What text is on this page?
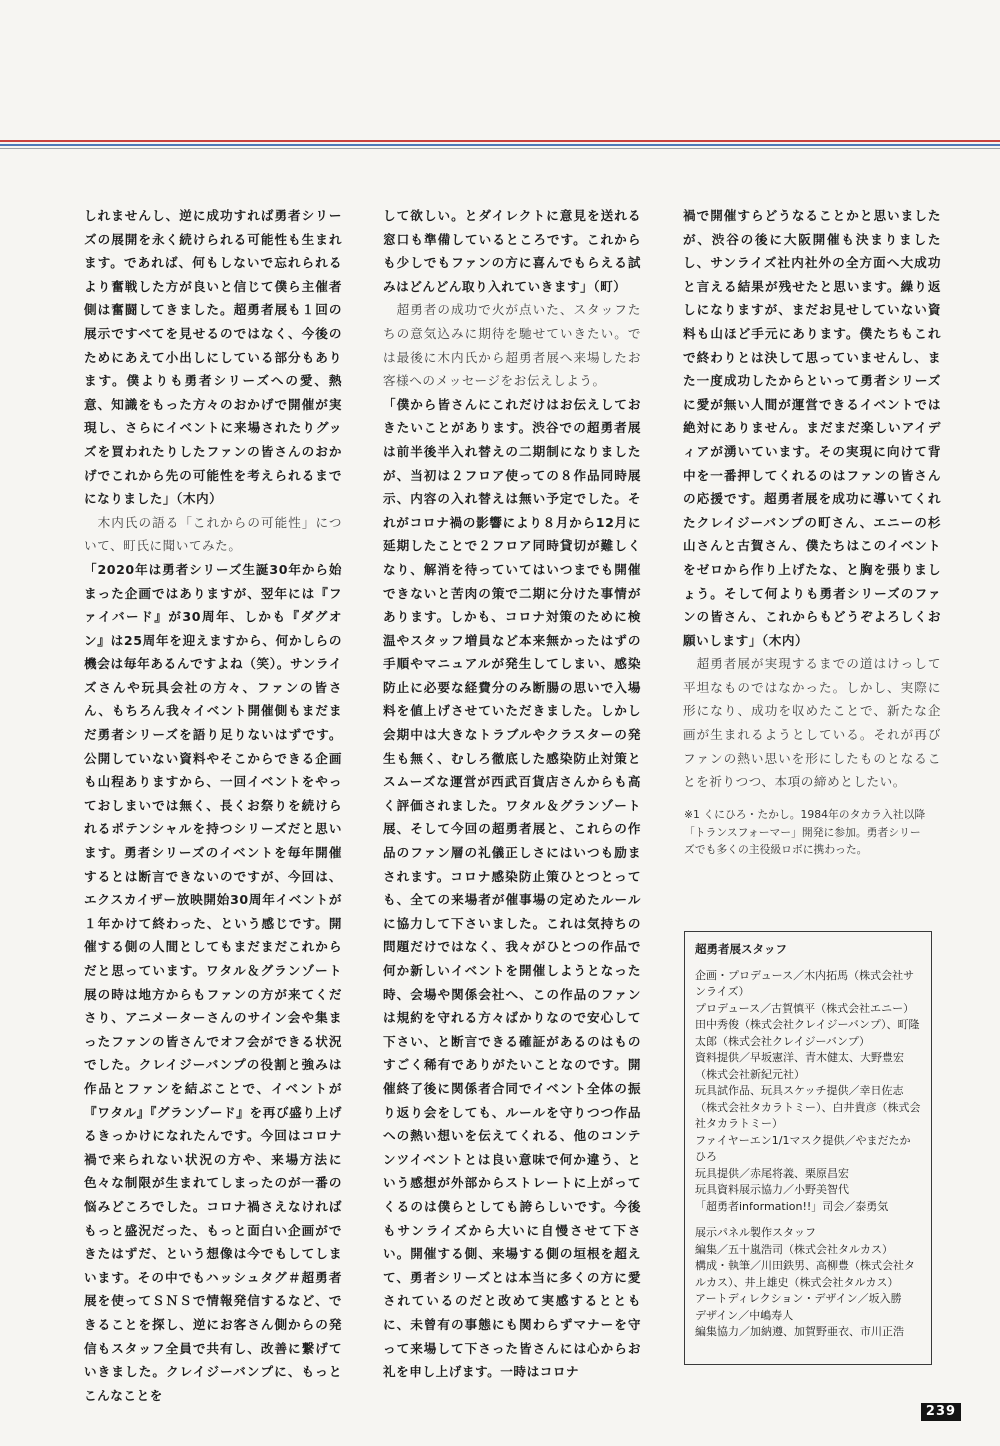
しれませんし、逆に成功すれば勇者シリーズの展開を永く続けられる可能性も生まれます。であれば、何もしないで忘れられるより奮戦した方が良いと信じて僕ら主催者側は奮闘してきました。超勇者展も１回の展示ですべてを見せるのではなく、今後のためにあえて小出しにしている部分もあります。僕よりも勇者シリーズへの愛、熱意、知識をもった方々のおかげで開催が実現し、さらにイベントに来場されたりグッズを買われたりしたファンの皆さんのおかげでこれから先の可能性を考えられるまでになりました」（木内）

　木内氏の語る「これからの可能性」について、町氏に聞いてみた。

「2020年は勇者シリーズ生誕30年から始まった企画ではありますが、翌年には『ファイバード』が30周年、しかも『ダグオン』は25周年を迎えますから、何かしらの機会は毎年あるんですよね（笑）。サンライズさんや玩具会社の方々、ファンの皆さん、もちろん我々イベント開催側もまだまだ勇者シリーズを語り足りないはずです。公開していない資料やそこからできる企画も山程ありますから、一回イベントをやっておしまいでは無く、長くお祭りを続けられるポテンシャルを持つシリーズだと思います。勇者シリーズのイベントを毎年開催するとは断言できないのですが、今回は、エクスカイザー放映開始30周年イベントが１年かけて終わった、という感じです。開催する側の人間としてもまだまだこれからだと思っています。ワタル＆グランゾート展の時は地方からもファンの方が来てくださり、アニメーターさんのサイン会や集まったファンの皆さんでオフ会ができる状況でした。クレイジーバンプの役割と強みは作品とファンを結ぶことで、イベントが『ワタル』『グランゾード』を再び盛り上げるきっかけになれたんです。今回はコロナ禍で来られない状況の方や、来場方法に色々な制限が生まれてしまったのが一番の悩みどころでした。コロナ禍さえなければもっと盛況だった、もっと面白い企画ができたはずだ、という想像は今でもしてしまいます。その中でもハッシュタグ＃超勇者展を使ってＳＮＳで情報発信するなど、できることを探し、逆にお客さん側からの発信もスタッフ全員で共有し、改善に繋げていきました。クレイジーバンプに、もっとこんなことを

して欲しい。とダイレクトに意見を送れる窓口も準備しているところです。これからも少しでもファンの方に喜んでもらえる試みはどんどん取り入れていきます」（町）

　超勇者の成功で火が点いた、スタッフたちの意気込みに期待を馳せていきたい。では最後に木内氏から超勇者展へ来場したお客様へのメッセージをお伝えしよう。

「僕から皆さんにこれだけはお伝えしておきたいことがあります。渋谷での超勇者展は前半後半入れ替えの二期制になりましたが、当初は２フロア使っての８作品同時展示、内容の入れ替えは無い予定でした。それがコロナ禍の影響により８月から12月に延期したことで２フロア同時貸切が難しくなり、解消を待っていてはいつまでも開催できないと苦肉の策で二期に分けた事情があります。しかも、コロナ対策のために検温やスタッフ増員など本来無かったはずの手順やマニュアルが発生してしまい、感染防止に必要な経費分のみ断腸の思いで入場料を値上げさせていただきました。しかし会期中は大きなトラブルやクラスターの発生も無く、むしろ徹底した感染防止対策とスムーズな運営が西武百貨店さんからも高く評価されました。ワタル＆グランゾート展、そして今回の超勇者展と、これらの作品のファン層の礼儀正しさにはいつも励まされます。コロナ感染防止策ひとつとっても、全ての来場者が催事場の定めたルールに協力して下さいました。これは気持ちの問題だけではなく、我々がひとつの作品で何か新しいイベントを開催しようとなった時、会場や関係会社へ、この作品のファンは規約を守れる方々ばかりなので安心して下さい、と断言できる確証があるのはものすごく稀有でありがたいことなのです。開催終了後に関係者合同でイベント全体の振り返り会をしても、ルールを守りつつ作品への熱い想いを伝えてくれる、他のコンテンツイベントとは良い意味で何か違う、という感想が外部からストレートに上がってくるのは僕らとしても誇らしいです。今後もサンライズから大いに自慢させて下さい。開催する側、来場する側の垣根を超えて、勇者シリーズとは本当に多くの方に愛されているのだと改めて実感するとともに、未曾有の事態にも関わらずマナーを守って来場して下さった皆さんには心からお礼を申し上げます。一時はコロナ

禍で開催すらどうなることかと思いましたが、渋谷の後に大阪開催も決まりましたし、サンライズ社内社外の全方面へ大成功と言える結果が残せたと思います。繰り返しになりますが、まだお見せしていない資料も山ほど手元にあります。僕たちもこれで終わりとは決して思っていませんし、また一度成功したからといって勇者シリーズに愛が無い人間が運営できるイベントでは絶対にありません。まだまだ楽しいアイディアが湧いています。その実現に向けて背中を一番押してくれるのはファンの皆さんの応援です。超勇者展を成功に導いてくれたクレイジーバンプの町さん、エニーの杉山さんと古賀さん、僕たちはこのイベントをゼロから作り上げたな、と胸を張りましょう。そして何よりも勇者シリーズのファンの皆さん、これからもどうぞよろしくお願いします」（木内）

　超勇者展が実現するまでの道はけっして平坦なものではなかった。しかし、実際に形になり、成功を収めたことで、新たな企画が生まれるようとしている。それが再びファンの熱い思いを形にしたものとなることを祈りつつ、本項の締めとしたい。

※1 くにひろ・たかし。1984年のタカラ入社以降「トランスフォーマー」開発に参加。勇者シリーズでも多くの主役級ロボに携わった。

超勇者展スタッフ
企画・プロデュース／木内拓馬（株式会社サンライズ）
プロデュース／古賀慎平（株式会社エニー）
田中秀俊（株式会社クレイジーバンプ）、町隆太郎（株式会社クレイジーバンプ）
資料提供／早坂憲洋、青木健太、大野豊宏（株式会社新紀元社）
玩具試作品、玩具スケッチ提供／幸日佐志（株式会社タカラトミー）、白井貴彦（株式会社タカラトミー）
ファイヤーエン1/1マスク提供／やまだたかひろ
玩具提供／赤尾将義、栗原昌宏
玩具資料展示協力／小野美智代
「超勇者information!!」司会／泰勇気
展示パネル製作スタッフ
編集／五十嵐浩司（株式会社タルカス）
構成・執筆／川田鉄男、高柳豊（株式会社タルカス）、井上雄史（株式会社タルカス）
アートディレクション・デザイン／坂入勝
デザイン／中嶋寿人
編集協力／加納遵、加賀野亜衣、市川正浩
239
